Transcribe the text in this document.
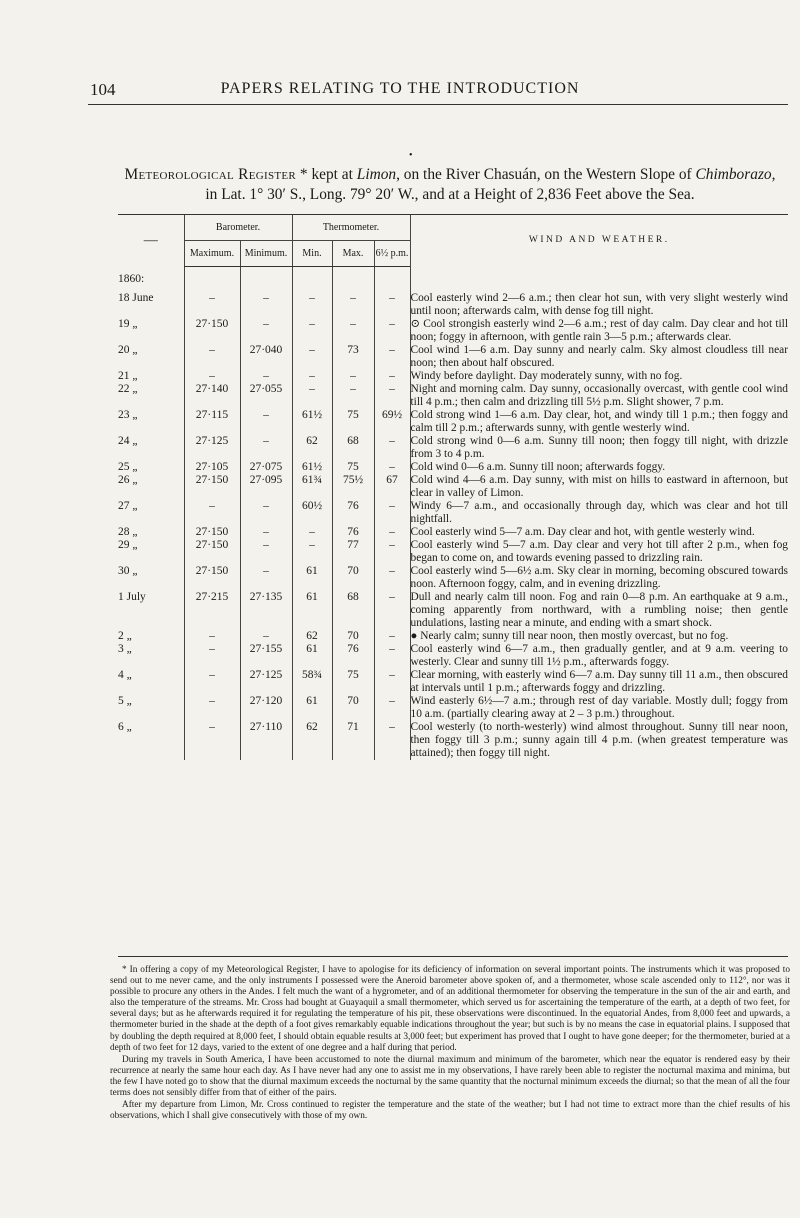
104	PAPERS RELATING TO THE INTRODUCTION
•
Meteorological Register * kept at Limon, on the River Chasuán, on the Western Slope of Chimborazo,
in Lat. 1° 30′ S., Long. 79° 20′ W., and at a Height of 2,836 Feet above the Sea.
—	Barometer.		Thermometer.			WIND AND WEATHER.
	Maximum.	Minimum.	Min.	Max.	6½ p.m.	
1860:						
18 June	–	–	–	–	–	Cool easterly wind 2—6 a.m.; then clear hot sun, with very slight westerly wind until noon; afterwards calm, with dense fog till night.
19 „	27·150	–	–	–	–	⊙ Cool strongish easterly wind 2—6 a.m.; rest of day calm. Day clear and hot till noon; foggy in afternoon, with gentle rain 3—5 p.m.; afterwards clear.
20 „	–	27·040	–	73	–	Cool wind 1—6 a.m. Day sunny and nearly calm. Sky almost cloudless till near noon; then about half obscured.
21 „	–	–	–	–	–	Windy before daylight. Day moderately sunny, with no fog.
22 „	27·140	27·055	–	–	–	Night and morning calm. Day sunny, occasionally overcast, with gentle cool wind till 4 p.m.; then calm and drizzling till 5½ p.m. Slight shower, 7 p.m.
23 „	27·115	–	61½	75	69½	Cold strong wind 1—6 a.m. Day clear, hot, and windy till 1 p.m.; then foggy and calm till 2 p.m.; afterwards sunny, with gentle westerly wind.
24 „	27·125	–	62	68	–	Cold strong wind 0—6 a.m. Sunny till noon; then foggy till night, with drizzle from 3 to 4 p.m.
25 „	27·105	27·075	61½	75	–	Cold wind 0—6 a.m. Sunny till noon; afterwards foggy.
26 „	27·150	27·095	61¾	75½	67	Cold wind 4—6 a.m. Day sunny, with mist on hills to eastward in afternoon, but clear in valley of Limon.
27 „	–	–	60½	76	–	Windy 6—7 a.m., and occasionally through day, which was clear and hot till nightfall.
28 „	27·150	–	–	76	–	Cool easterly wind 5—7 a.m. Day clear and hot, with gentle westerly wind.
29 „	27·150	–	–	77	–	Cool easterly wind 5—7 a.m. Day clear and very hot till after 2 p.m., when fog began to come on, and towards evening passed to drizzling rain.
30 „	27·150	–	61	70	–	Cool easterly wind 5—6½ a.m. Sky clear in morning, becoming obscured towards noon. Afternoon foggy, calm, and in evening drizzling.
1 July	27·215	27·135	61	68	–	Dull and nearly calm till noon. Fog and rain 0—8 p.m. An earthquake at 9 a.m., coming apparently from northward, with a rumbling noise; then gentle undulations, lasting near a minute, and ending with a smart shock.
2 „	–	–	62	70	–	● Nearly calm; sunny till near noon, then mostly overcast, but no fog.
3 „	–	27·155	61	76	–	Cool easterly wind 6—7 a.m., then gradually gentler, and at 9 a.m. veering to westerly. Clear and sunny till 1½ p.m., afterwards foggy.
4 „	–	27·125	58¾	75	–	Clear morning, with easterly wind 6—7 a.m. Day sunny till 11 a.m., then obscured at intervals until 1 p.m.; afterwards foggy and drizzling.
5 „	–	27·120	61	70	–	Wind easterly 6½—7 a.m.; through rest of day variable. Mostly dull; foggy from 10 a.m. (partially clearing away at 2 – 3 p.m.) throughout.
6 „	–	27·110	62	71	–	Cool westerly (to north-westerly) wind almost throughout. Sunny till near noon, then foggy till 3 p.m.; sunny again till 4 p.m. (when greatest temperature was attained); then foggy till night.

* In offering a copy of my Meteorological Register, I have to apologise for its deficiency of information on several important points. The instruments which it was proposed to send out to me never came, and the only instruments I possessed were the Aneroid barometer above spoken of, and a thermometer, whose scale ascended only to 112°, nor was it possible to procure any others in the Andes. I felt much the want of a hygrometer, and of an additional thermometer for observing the temperature in the sun of the air and earth, and also the temperature of the streams. Mr. Cross had bought at Guayaquil a small thermometer, which served us for ascertaining the temperature of the earth, at a depth of two feet, for several days; but as he afterwards required it for regulating the temperature of his pit, these observations were discontinued. In the equatorial Andes, from 8,000 feet and upwards, a thermometer buried in the shade at the depth of a foot gives remarkably equable indications throughout the year; but such is by no means the case in equatorial plains. I supposed that by doubling the depth required at 8,000 feet, I should obtain equable results at 3,000 feet; but experiment has proved that I ought to have gone deeper; for the thermometer, buried at a depth of two feet for 12 days, varied to the extent of one degree and a half during that period.

During my travels in South America, I have been accustomed to note the diurnal maximum and minimum of the barometer, which near the equator is rendered easy by their recurrence at nearly the same hour each day. As I have never had any one to assist me in my observations, I have rarely been able to register the nocturnal maxima and minima, but the few I have noted go to show that the diurnal maximum exceeds the nocturnal by the same quantity that the nocturnal minimum exceeds the diurnal; so that the mean of all the four terms does not sensibly differ from that of either of the pairs.

After my departure from Limon, Mr. Cross continued to register the temperature and the state of the weather; but I had not time to extract more than the chief results of his observations, which I shall give consecutively with those of my own.
